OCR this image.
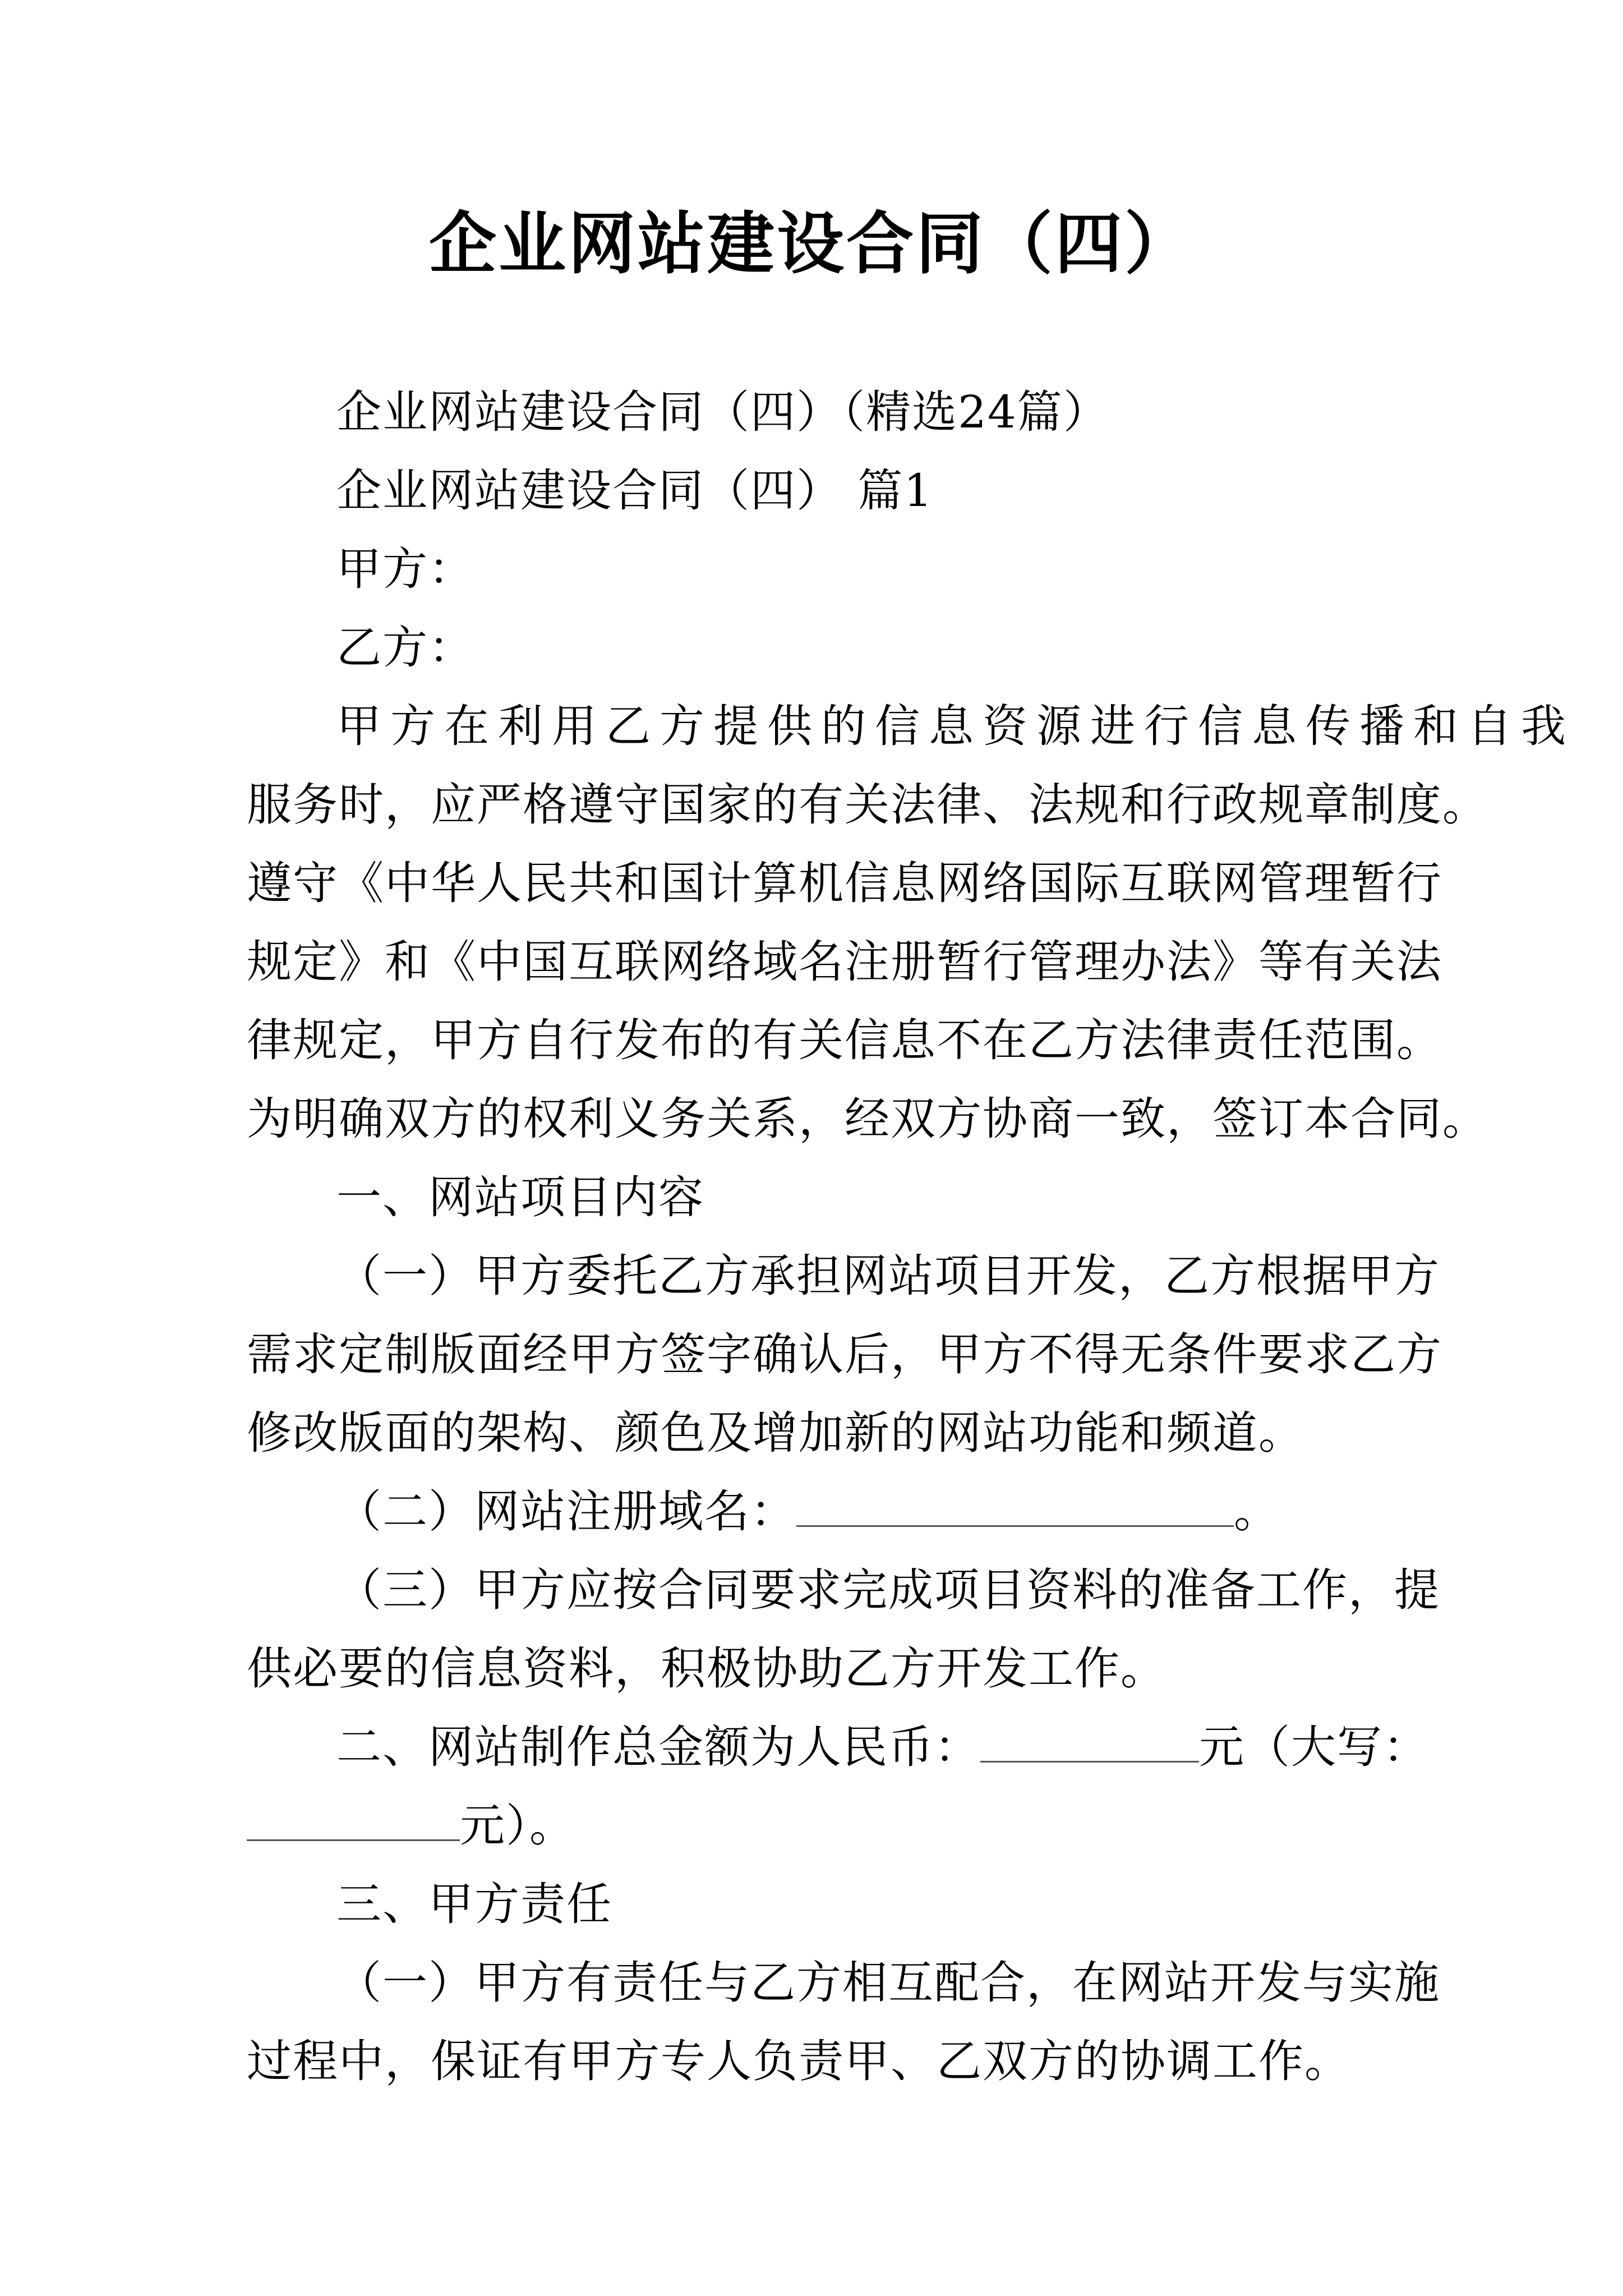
企业网站建设合同（四）
企业网站建设合同（四）（精选24篇）
企业网站建设合同（四） 篇1
甲方：
乙方：
甲方在利用乙方提供的信息资源进行信息传播和自我
服务时，应严格遵守国家的有关法律、法规和行政规章制度。
遵守《中华人民共和国计算机信息网络国际互联网管理暂行
规定》和《中国互联网络域名注册暂行管理办法》等有关法
律规定，甲方自行发布的有关信息不在乙方法律责任范围。
为明确双方的权利义务关系，经双方协商一致，签订本合同。
一、网站项目内容
（一）甲方委托乙方承担网站项目开发，乙方根据甲方
需求定制版面经甲方签字确认后，甲方不得无条件要求乙方
修改版面的架构、颜色及增加新的网站功能和频道。
（二）网站注册域名：	。
（三）甲方应按合同要求完成项目资料的准备工作，提
供必要的信息资料，积极协助乙方开发工作。
二、网站制作总金额为人民币：	元（大写：
元）。
三、甲方责任
（一）甲方有责任与乙方相互配合，在网站开发与实施
过程中，保证有甲方专人负责甲、乙双方的协调工作。
